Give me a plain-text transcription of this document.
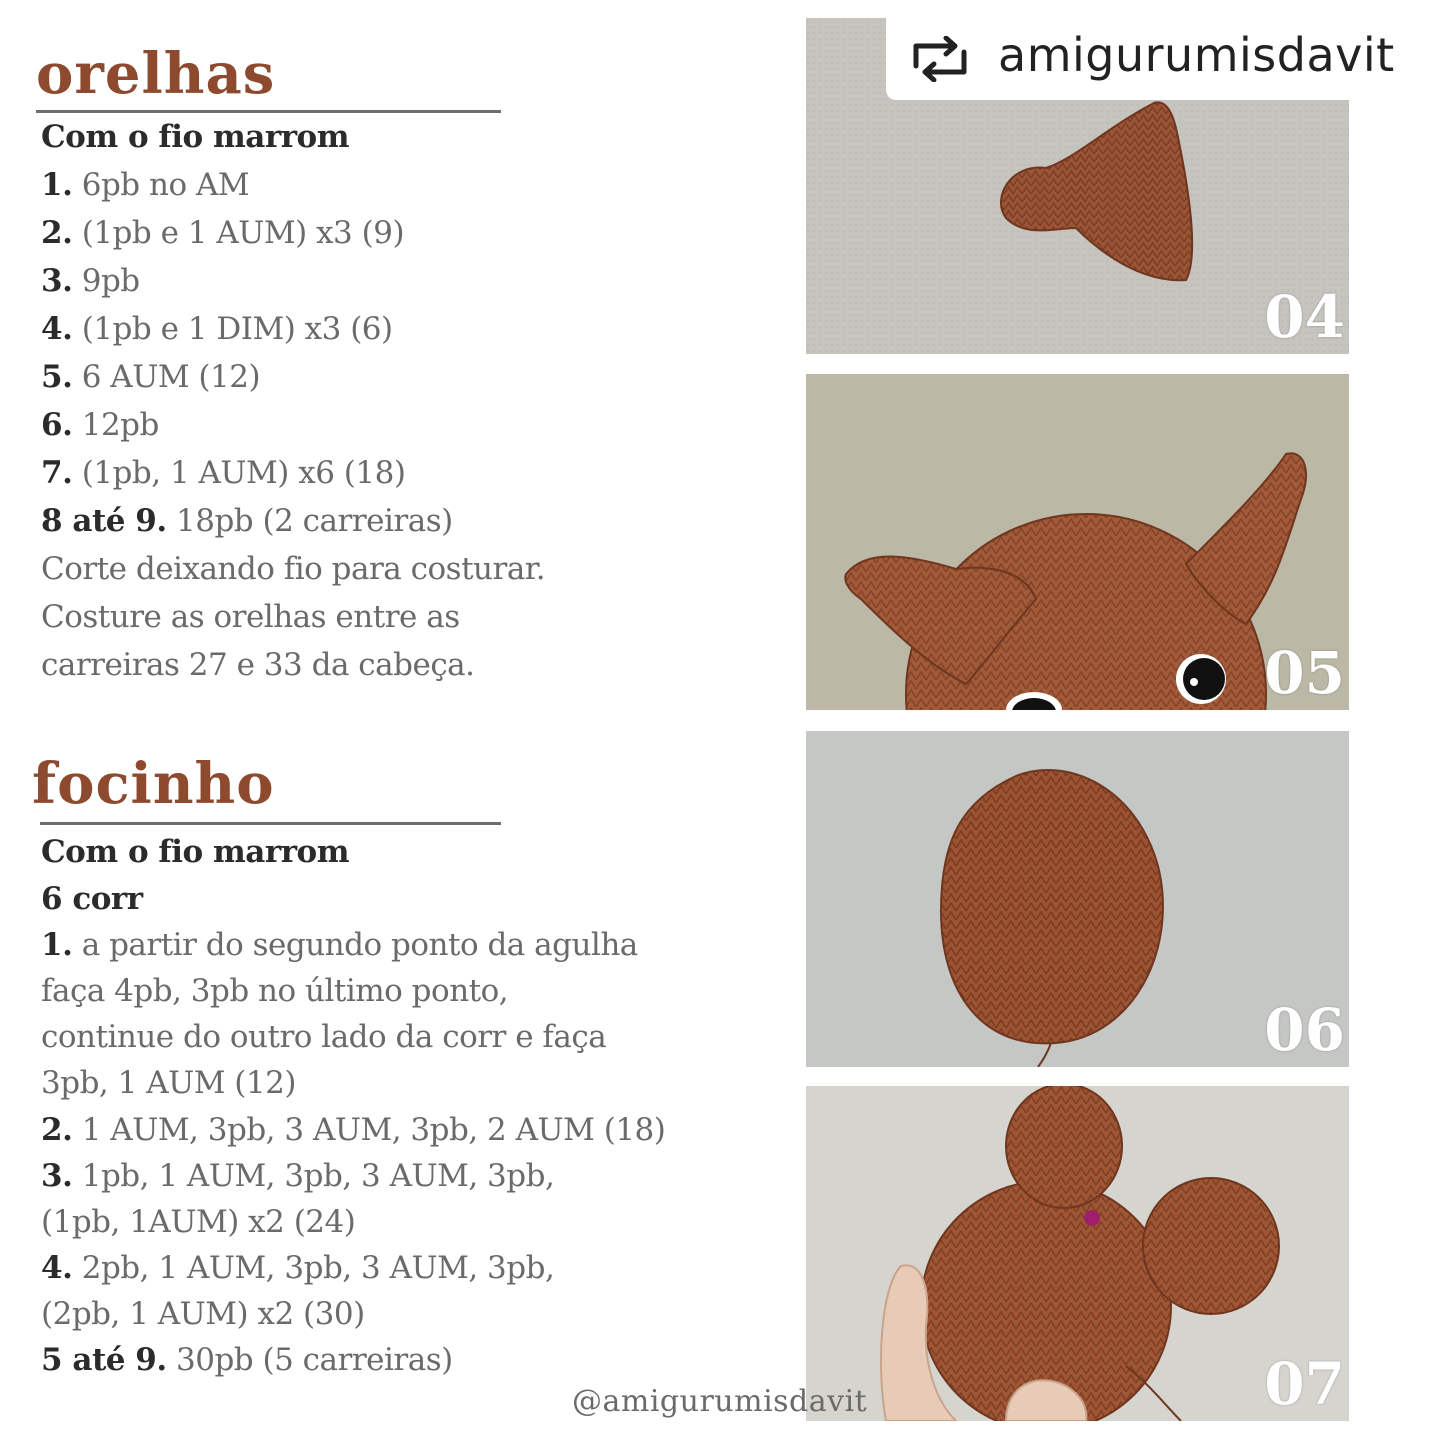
orelhas
Com o fio marrom
1. 6pb no AM
2. (1pb e 1 AUM) x3 (9)
3. 9pb
4. (1pb e 1 DIM) x3 (6)
5. 6 AUM (12)
6. 12pb
7. (1pb, 1 AUM) x6 (18)
8 até 9. 18pb (2 carreiras)
Corte deixando fio para costurar.
Costure as orelhas entre as
carreiras 27 e 33 da cabeça.
focinho
Com o fio marrom
6 corr
1. a partir do segundo ponto da agulha
faça 4pb, 3pb no último ponto,
continue do outro lado da corr e faça
3pb, 1 AUM (12)
2. 1 AUM, 3pb, 3 AUM, 3pb, 2 AUM (18)
3. 1pb, 1 AUM, 3pb, 3 AUM, 3pb,
(1pb, 1AUM) x2 (24)
4. 2pb, 1 AUM, 3pb, 3 AUM, 3pb,
(2pb, 1 AUM) x2 (30)
5 até 9. 30pb (5 carreiras)
04
05
06
07
amigurumisdavit
@amigurumisdavit
